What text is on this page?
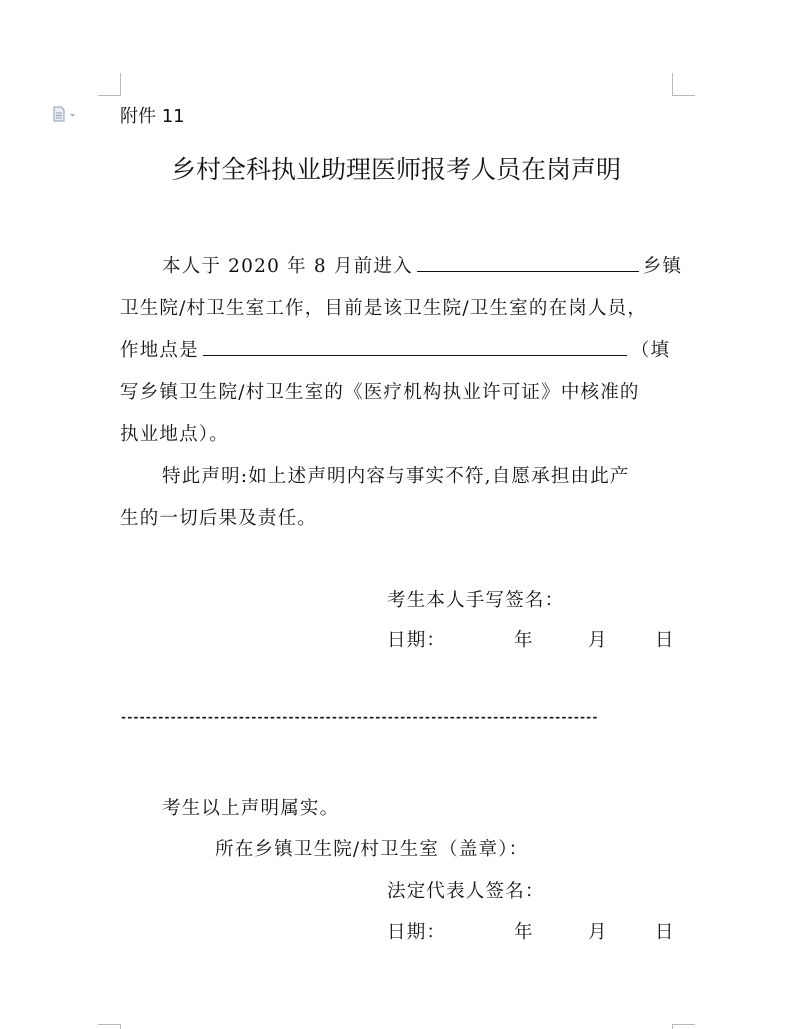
附件 11
乡村全科执业助理医师报考人员在岗声明
本人于 2020 年 8 月前进入	乡镇
卫生院/村卫生室工作，目前是该卫生院/卫生室的在岗人员，
作地点是	（填
写乡镇卫生院/村卫生室的《医疗机构执业许可证》中核准的
执业地点）。
特此声明:如上述声明内容与事实不符,自愿承担由此产
生的一切后果及责任。
考生本人手写签名：
日期：	年	月	日
-----------------------------------------------------------------------------
考生以上声明属实。
所在乡镇卫生院/村卫生室（盖章）：
法定代表人签名：
日期：	年	月	日
